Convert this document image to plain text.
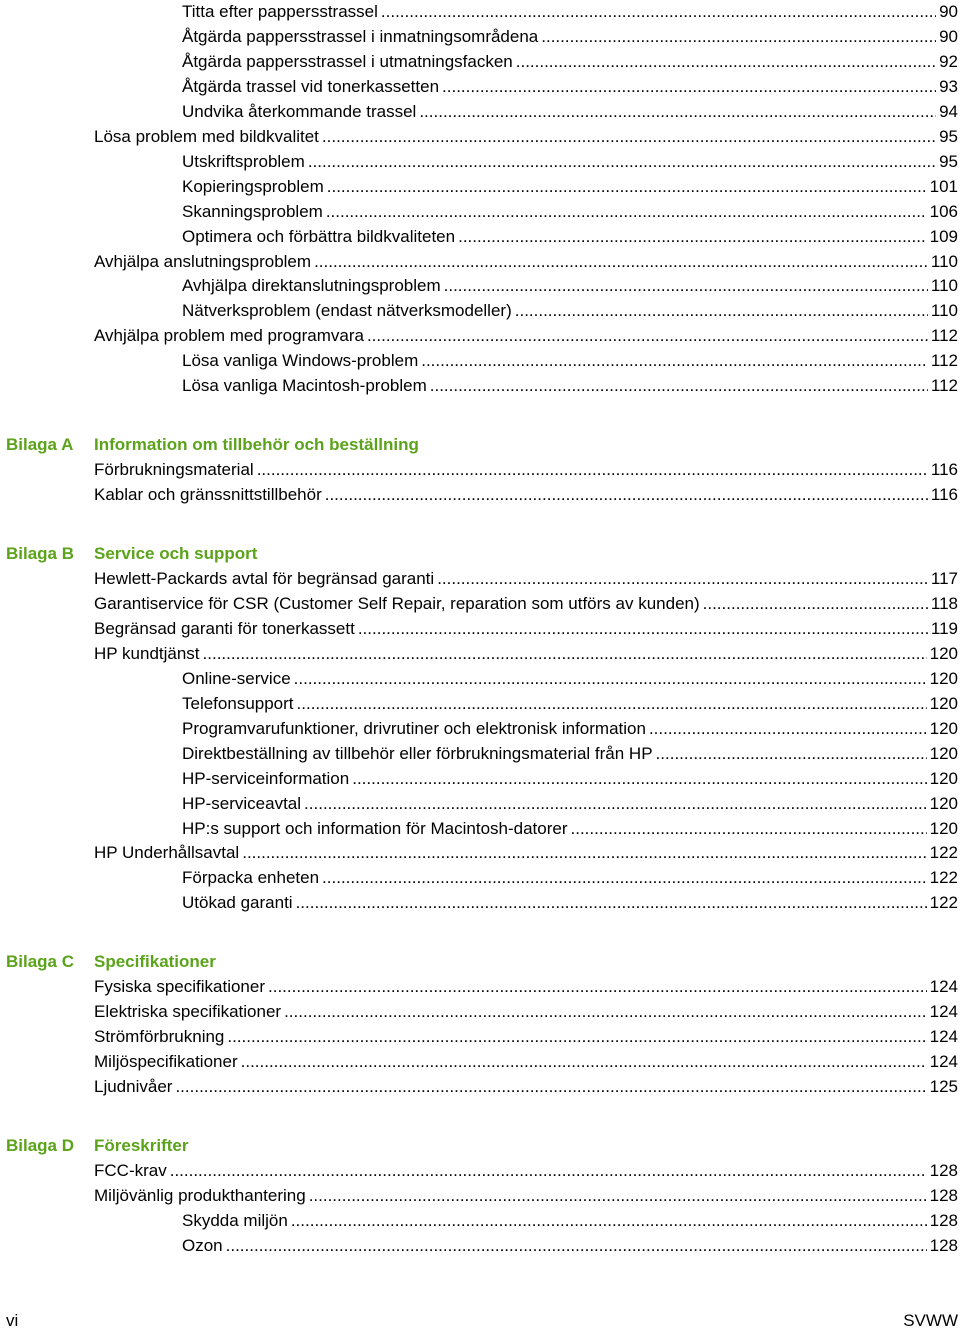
Titta efter pappersstrassel .....	90
Åtgärda pappersstrassel i inmatningsområdena .....	90
Åtgärda pappersstrassel i utmatningsfacken .....	92
Åtgärda trassel vid tonerkassetten .....	93
Undvika återkommande trassel .....	94
Lösa problem med bildkvalitet .....	95
Utskriftsproblem .....	95
Kopieringsproblem .....	101
Skanningsproblem .....	106
Optimera och förbättra bildkvaliteten .....	109
Avhjälpa anslutningsproblem .....	110
Avhjälpa direktanslutningsproblem .....	110
Nätverksproblem (endast nätverksmodeller) .....	110
Avhjälpa problem med programvara .....	112
Lösa vanliga Windows-problem .....	112
Lösa vanliga Macintosh-problem .....	112
Bilaga A	Information om tillbehör och beställning
Förbrukningsmaterial .....	116
Kablar och gränssnittstillbehör .....	116
Bilaga B	Service och support
Hewlett-Packards avtal för begränsad garanti .....	117
Garantiservice för CSR (Customer Self Repair, reparation som utförs av kunden) .....	118
Begränsad garanti för tonerkassett .....	119
HP kundtjänst .....	120
Online-service .....	120
Telefonsupport .....	120
Programvarufunktioner, drivrutiner och elektronisk information .....	120
Direktbeställning av tillbehör eller förbrukningsmaterial från HP .....	120
HP-serviceinformation .....	120
HP-serviceavtal .....	120
HP:s support och information för Macintosh-datorer .....	120
HP Underhållsavtal .....	122
Förpacka enheten .....	122
Utökad garanti .....	122
Bilaga C	Specifikationer
Fysiska specifikationer .....	124
Elektriska specifikationer .....	124
Strömförbrukning .....	124
Miljöspecifikationer .....	124
Ljudnivåer .....	125
Bilaga D	Föreskrifter
FCC-krav .....	128
Miljövänlig produkthantering .....	128
Skydda miljön .....	128
Ozon .....	128
vi	SVWW
